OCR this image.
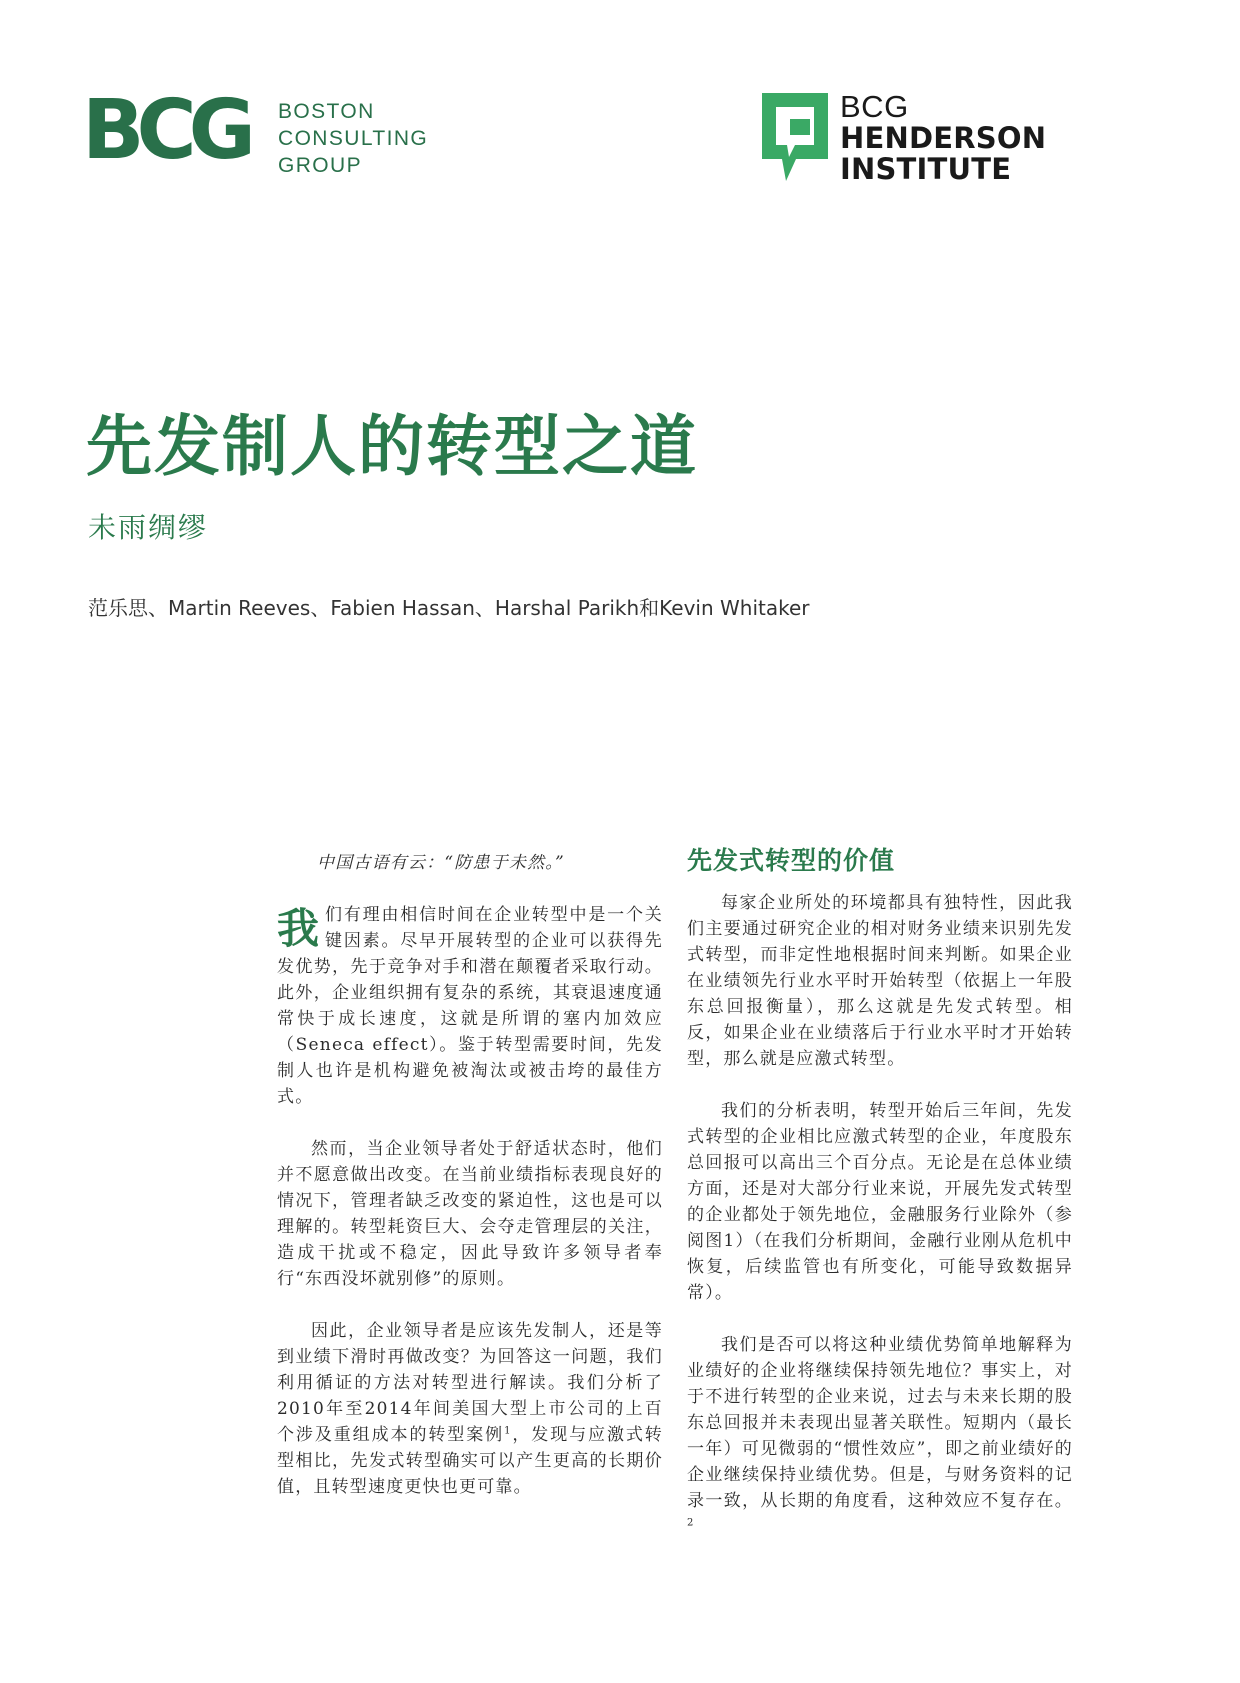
BCG BOSTON
CONSULTING
GROUP
BCG
HENDERSON
INSTITUTE
先发制人的转型之道
未雨绸缪
范乐思、Martin Reeves、Fabien Hassan、Harshal Parikh和Kevin Whitaker

中国古语有云：“防患于未然。”

我们有理由相信时间在企业转型中是一个关键因素。尽早开展转型的企业可以获得先发优势，先于竞争对手和潜在颠覆者采取行动。此外，企业组织拥有复杂的系统，其衰退速度通常快于成长速度，这就是所谓的塞内加效应（Seneca effect）。鉴于转型需要时间，先发制人也许是机构避免被淘汰或被击垮的最佳方式。

然而，当企业领导者处于舒适状态时，他们并不愿意做出改变。在当前业绩指标表现良好的情况下，管理者缺乏改变的紧迫性，这也是可以理解的。转型耗资巨大、会夺走管理层的关注，造成干扰或不稳定，因此导致许多领导者奉行“东西没坏就别修”的原则。

因此，企业领导者是应该先发制人，还是等到业绩下滑时再做改变？为回答这一问题，我们利用循证的方法对转型进行解读。我们分析了2010年至2014年间美国大型上市公司的上百个涉及重组成本的转型案例$^1$，发现与应激式转型相比，先发式转型确实可以产生更高的长期价值，且转型速度更快也更可靠。

先发式转型的价值

每家企业所处的环境都具有独特性，因此我们主要通过研究企业的相对财务业绩来识别先发式转型，而非定性地根据时间来判断。如果企业在业绩领先行业水平时开始转型（依据上一年股东总回报衡量），那么这就是先发式转型。相反，如果企业在业绩落后于行业水平时才开始转型，那么就是应激式转型。

我们的分析表明，转型开始后三年间，先发式转型的企业相比应激式转型的企业，年度股东总回报可以高出三个百分点。无论是在总体业绩方面，还是对大部分行业来说，开展先发式转型的企业都处于领先地位，金融服务行业除外（参阅图1）（在我们分析期间，金融行业刚从危机中恢复，后续监管也有所变化，可能导致数据异常）。

我们是否可以将这种业绩优势简单地解释为业绩好的企业将继续保持领先地位？事实上，对于不进行转型的企业来说，过去与未来长期的股东总回报并未表现出显著关联性。短期内（最长一年）可见微弱的“惯性效应”，即之前业绩好的企业继续保持业绩优势。但是，与财务资料的记录一致，从长期的角度看，这种效应不复存在。$^2$
